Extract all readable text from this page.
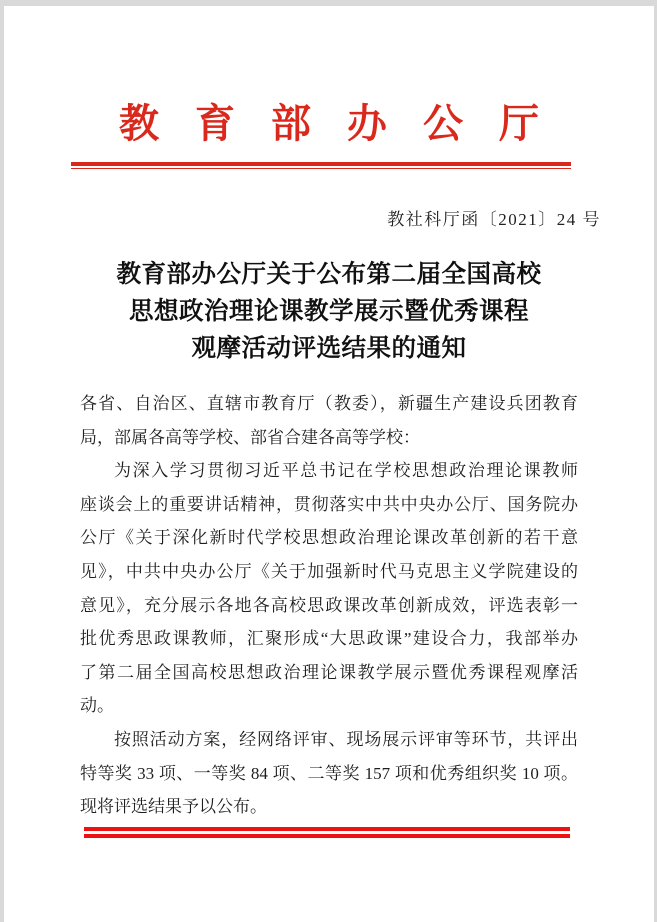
教育部办公厅
教社科厅函〔2021〕24 号
教育部办公厅关于公布第二届全国高校
思想政治理论课教学展示暨优秀课程
观摩活动评选结果的通知
各省、自治区、直辖市教育厅（教委），新疆生产建设兵团教育
局，部属各高等学校、部省合建各高等学校：
为深入学习贯彻习近平总书记在学校思想政治理论课教师
座谈会上的重要讲话精神，贯彻落实中共中央办公厅、国务院办
公厅《关于深化新时代学校思想政治理论课改革创新的若干意
见》，中共中央办公厅《关于加强新时代马克思主义学院建设的
意见》，充分展示各地各高校思政课改革创新成效，评选表彰一
批优秀思政课教师，汇聚形成“大思政课”建设合力，我部举办
了第二届全国高校思想政治理论课教学展示暨优秀课程观摩活
动。
按照活动方案，经网络评审、现场展示评审等环节，共评出
特等奖 33 项、一等奖 84 项、二等奖 157 项和优秀组织奖 10 项。
现将评选结果予以公布。
